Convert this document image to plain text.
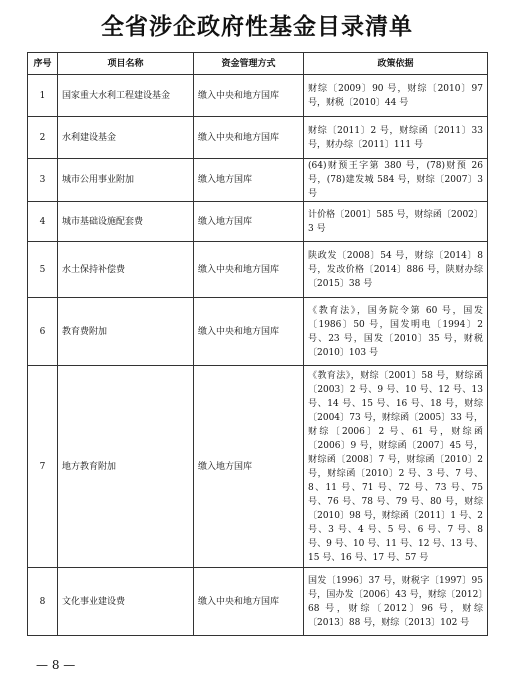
全省涉企政府性基金目录清单
序号	项目名称	资金管理方式	政策依据
1	国家重大水利工程建设基金	缴入中央和地方国库	财综〔2009〕90 号，财综〔2010〕97 号，财税〔2010〕44 号
2	水利建设基金	缴入中央和地方国库	财综〔2011〕2 号，财综函〔2011〕33 号，财办综〔2011〕111 号
3	城市公用事业附加	缴入地方国库	(64)财预王字第 380 号，(78)财预 26 号，(78)建发城 584 号，财综〔2007〕3 号
4	城市基础设施配套费	缴入地方国库	计价格〔2001〕585 号，财综函〔2002〕3 号
5	水土保持补偿费	缴入中央和地方国库	陕政发〔2008〕54 号，财综〔2014〕8 号，发改价格〔2014〕886 号，陕财办综〔2015〕38 号
6	教育费附加	缴入中央和地方国库	《教育法》，国务院令第 60 号，国发〔1986〕50 号，国发明电〔1994〕2 号、23 号，国发〔2010〕35 号，财税〔2010〕103 号
7	地方教育附加	缴入地方国库	《教育法》，财综〔2001〕58 号，财综函〔2003〕2 号、9 号、10 号、12 号、13 号、14 号、15 号、16 号、18 号，财综〔2004〕73 号，财综函〔2005〕33 号，财综〔2006〕2 号、61 号，财综函〔2006〕9 号，财综函〔2007〕45 号，财综函〔2008〕7 号，财综函〔2010〕2 号，财综函〔2010〕2 号、3 号、7 号、8、11 号、71 号、72 号、73 号、75 号、76 号、78 号、79 号、80 号，财综〔2010〕98 号，财综函〔2011〕1 号、2 号、3 号、4 号、5 号、6 号、7 号、8 号、9 号、10 号、11 号、12 号、13 号、15 号、16 号、17 号、57 号
8	文化事业建设费	缴入中央和地方国库	国发〔1996〕37 号，财税字〔1997〕95 号，国办发〔2006〕43 号，财综〔2012〕68 号，财综〔2012〕96 号，财综〔2013〕88 号，财综〔2013〕102 号
— 8 —
